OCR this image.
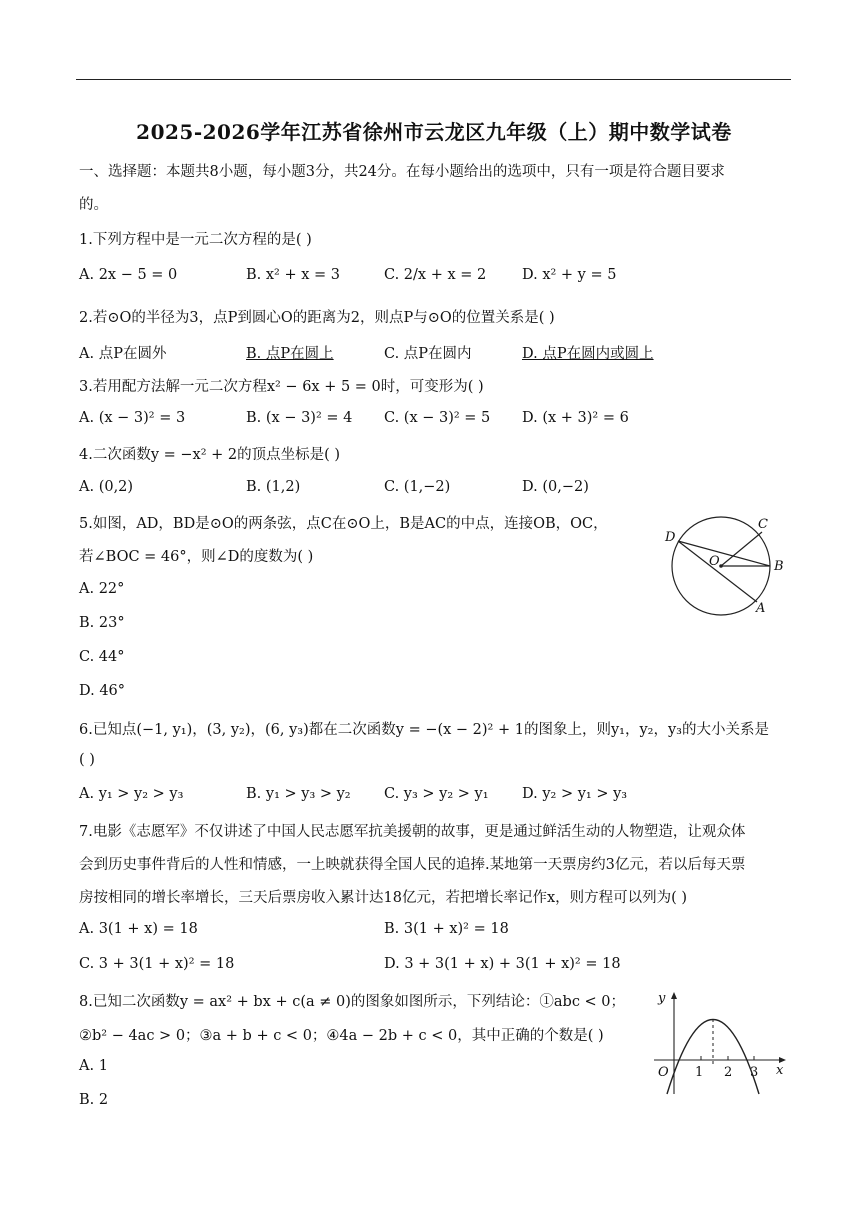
2025-2026学年江苏省徐州市云龙区九年级（上）期中数学试卷
一、选择题：本题共8小题，每小题3分，共24分。在每小题给出的选项中，只有一项是符合题目要求
的。
1.下列方程中是一元二次方程的是( )
A. 2x − 5 = 0	B. x² + x = 3	C. 2/x + x = 2 D. x² + y = 5
2.若⊙O的半径为3，点P到圆心O的距离为2，则点P与⊙O的位置关系是( )
A. 点P在圆外	B. 点P在圆上	C. 点P在圆内	D. 点P在圆内或圆上
3.若用配方法解一元二次方程x² − 6x + 5 = 0时，可变形为( )
A. (x − 3)² = 3	B. (x − 3)² = 4 C. (x − 3)² = 5 D. (x + 3)² = 6
4.二次函数y = −x² + 2的顶点坐标是( )
A. (0,2)	B. (1,2)	C. (1,−2)	D. (0,−2)
5.如图，AD，BD是⊙O的两条弦，点C在⊙O上，B是AC的中点，连接OB，OC，
若∠BOC = 46°，则∠D的度数为( )
A. 22°
B. 23°
C. 44°
D. 46°
D
C
O	B
A
6.已知点(−1, y₁)，(3, y₂)，(6, y₃)都在二次函数y = −(x − 2)² + 1的图象上，则y₁，y₂，y₃的大小关系是
( )
A. y₁ > y₂ > y₃	B. y₁ > y₃ > y₂ C. y₃ > y₂ > y₁ D. y₂ > y₁ > y₃
7.电影《志愿军》不仅讲述了中国人民志愿军抗美援朝的故事，更是通过鲜活生动的人物塑造，让观众体
会到历史事件背后的人性和情感，一上映就获得全国人民的追捧.某地第一天票房约3亿元，若以后每天票
房按相同的增长率增长，三天后票房收入累计达18亿元，若把增长率记作x，则方程可以列为( )
A. 3(1 + x) = 18	B. 3(1 + x)² = 18
C. 3 + 3(1 + x)² = 18	D. 3 + 3(1 + x) + 3(1 + x)² = 18
8.已知二次函数y = ax² + bx + c(a ≠ 0)的图象如图所示，下列结论：①abc < 0；
②b² − 4ac > 0；③a + b + c < 0；④4a − 2b + c < 0，其中正确的个数是( )
A. 1
B. 2
y
O 1 2 3 x
